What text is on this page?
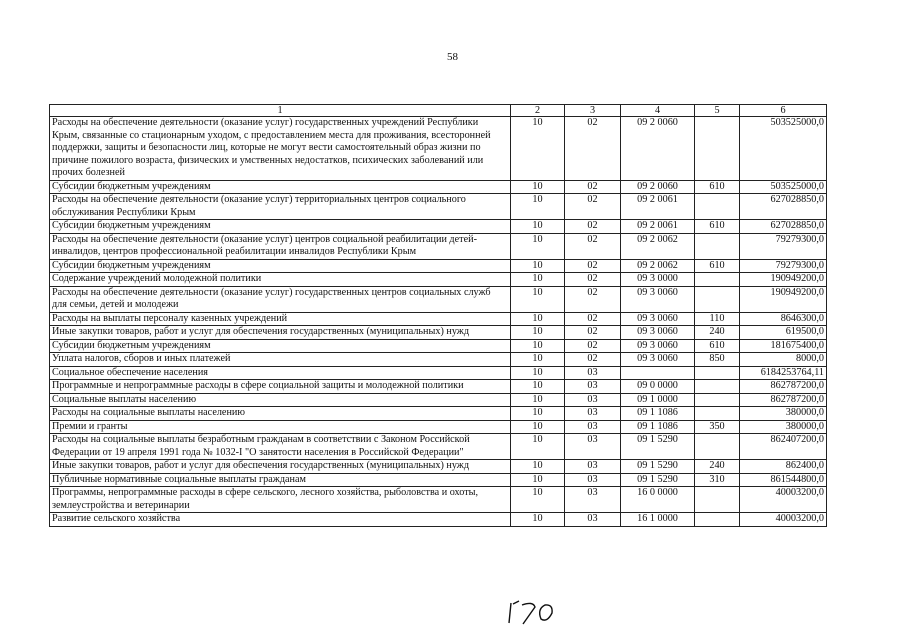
58
1	2	3	4	5	6
Расходы на обеспечение деятельности (оказание услуг) государственных учреждений Республики Крым, связанные со стационарным уходом, с предоставлением места для проживания, всесторонней поддержки, защиты и безопасности лиц, которые не могут вести самостоятельный образ жизни по причине пожилого возраста, физических и умственных недостатков, психических заболеваний или прочих болезней	10	02	09 2 0060		503525000,0
Субсидии бюджетным учреждениям	10	02	09 2 0060	610	503525000,0
Расходы на обеспечение деятельности (оказание услуг) территориальных центров социального обслуживания Республики Крым	10	02	09 2 0061		627028850,0
Субсидии бюджетным учреждениям	10	02	09 2 0061	610	627028850,0
Расходы на обеспечение деятельности (оказание услуг) центров социальной реабилитации детей-инвалидов, центров профессиональной реабилитации инвалидов Республики Крым	10	02	09 2 0062		79279300,0
Субсидии бюджетным учреждениям	10	02	09 2 0062	610	79279300,0
Содержание учреждений молодежной политики	10	02	09 3 0000		190949200,0
Расходы на обеспечение деятельности (оказание услуг) государственных центров социальных служб для семьи, детей и молодежи	10	02	09 3 0060		190949200,0
Расходы на выплаты персоналу казенных учреждений	10	02	09 3 0060	110	8646300,0
Иные закупки товаров, работ и услуг для обеспечения государственных (муниципальных) нужд	10	02	09 3 0060	240	619500,0
Субсидии бюджетным учреждениям	10	02	09 3 0060	610	181675400,0
Уплата налогов, сборов и иных платежей	10	02	09 3 0060	850	8000,0
Социальное обеспечение населения	10	03			6184253764,11
Программные и непрограммные расходы в сфере социальной защиты и молодежной политики	10	03	09 0 0000		862787200,0
Социальные выплаты населению	10	03	09 1 0000		862787200,0
Расходы на социальные выплаты населению	10	03	09 1 1086		380000,0
Премии и гранты	10	03	09 1 1086	350	380000,0
Расходы на социальные выплаты безработным гражданам в соответствии с Законом Российской Федерации от 19 апреля 1991 года № 1032-I "О занятости населения в Российской Федерации"	10	03	09 1 5290		862407200,0
Иные закупки товаров, работ и услуг для обеспечения государственных (муниципальных) нужд	10	03	09 1 5290	240	862400,0
Публичные нормативные социальные выплаты гражданам	10	03	09 1 5290	310	861544800,0
Программы, непрограммные расходы в сфере сельского, лесного хозяйства, рыболовства и охоты, землеустройства и ветеринарии	10	03	16 0 0000		40003200,0
Развитие сельского хозяйства	10	03	16 1 0000		40003200,0
